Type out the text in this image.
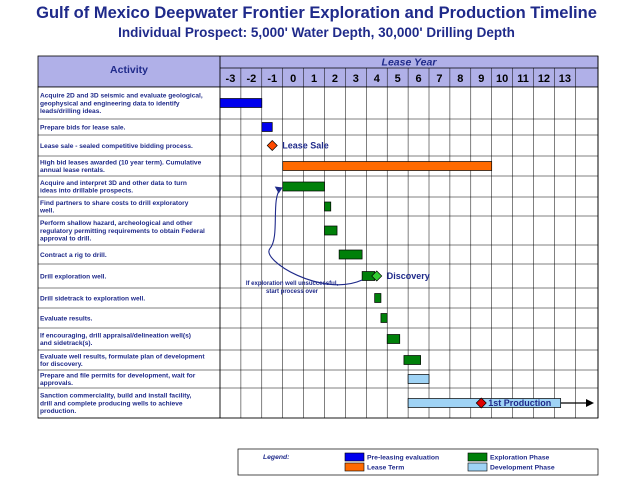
Gulf of Mexico Deepwater Frontier Exploration and Production Timeline
Individual Prospect: 5,000' Water Depth, 30,000' Drilling Depth
Activity
Lease Year
-3 -2 -1 0 1 2 3 4 5 6 7 8 9 10 11 12 13
Acquire 2D and 3D seismic and evaluate geological, geophysical and engineering data to identify leads/drilling ideas.
Prepare bids for lease sale.
Lease sale - sealed competitive bidding process.
High bid leases awarded (10 year term). Cumulative annual lease rentals.
Acquire and interpret 3D and other data to turn ideas into drillable prospects.
Find partners to share costs to drill exploratory well.
Perform shallow hazard, archeological and other regulatory permitting requirements to obtain Federal approval to drill.
Contract a rig to drill.
Drill exploration well.
Drill sidetrack to exploration well.
Evaluate results.
If encouraging, drill appraisal/delineation well(s) and sidetrack(s).
Evaluate well results, formulate plan of development for discovery.
Prepare and file permits for development, wait for approvals.
Sanction commerciality, build and install facility, drill and complete producing wells to achieve production.
Lease Sale
Discovery
1st Production
If exploration well unsuccessful,
start process over
Legend:	Pre-leasing evaluation
Lease Term
Exploration Phase
Development Phase
